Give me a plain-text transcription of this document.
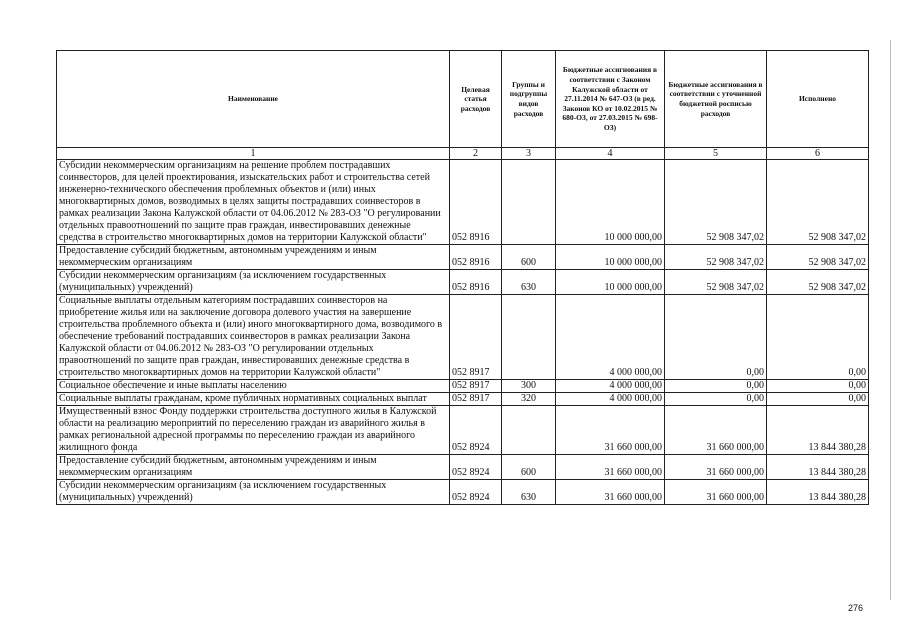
Наименование	Целевая статья расходов	Группы и подгруппы видов расходов	Бюджетные ассигнования в соответствии с Законом Калужской области от 27.11.2014 № 647-ОЗ (в ред. Законов КО от 10.02.2015 № 680-ОЗ, от 27.03.2015 № 698-ОЗ)	Бюджетные ассигнования в соответствии с уточненной бюджетной росписью расходов	Исполнено
1	2	3	4	5	6
Субсидии некоммерческим организациям на решение проблем пострадавших соинвесторов, для целей проектирования, изыскательских работ и строительства сетей инженерно-технического обеспечения проблемных объектов и (или) иных многоквартирных домов, возводимых в целях защиты пострадавших соинвесторов в рамках реализации Закона Калужской области от 04.06.2012 № 283-ОЗ "О регулировании отдельных правоотношений по защите прав граждан, инвестировавших денежные средства в строительство многоквартирных домов на территории Калужской области"	052 8916		10 000 000,00	52 908 347,02	52 908 347,02
Предоставление субсидий бюджетным, автономным учреждениям и иным некоммерческим организациям	052 8916	600	10 000 000,00	52 908 347,02	52 908 347,02
Субсидии некоммерческим организациям (за исключением государственных (муниципальных) учреждений)	052 8916	630	10 000 000,00	52 908 347,02	52 908 347,02
Социальные выплаты отдельным категориям пострадавших соинвесторов на приобретение жилья или на заключение договора долевого участия на завершение строительства проблемного объекта и (или) иного многоквартирного дома, возводимого в обеспечение требований пострадавших соинвесторов в рамках реализации Закона Калужской области от 04.06.2012 № 283-ОЗ "О регулировании отдельных правоотношений по защите прав граждан, инвестировавших денежные средства в строительство многоквартирных домов на территории Калужской области"	052 8917		4 000 000,00	0,00	0,00
Социальное обеспечение и иные выплаты населению	052 8917	300	4 000 000,00	0,00	0,00
Социальные выплаты гражданам, кроме публичных нормативных социальных выплат	052 8917	320	4 000 000,00	0,00	0,00
Имущественный взнос Фонду поддержки строительства доступного жилья в Калужской области на реализацию мероприятий по переселению граждан из аварийного жилья в рамках региональной адресной программы по переселению граждан из аварийного жилищного фонда	052 8924		31 660 000,00	31 660 000,00	13 844 380,28
Предоставление субсидий бюджетным, автономным учреждениям и иным некоммерческим организациям	052 8924	600	31 660 000,00	31 660 000,00	13 844 380,28
Субсидии некоммерческим организациям (за исключением государственных (муниципальных) учреждений)	052 8924	630	31 660 000,00	31 660 000,00	13 844 380,28
276
